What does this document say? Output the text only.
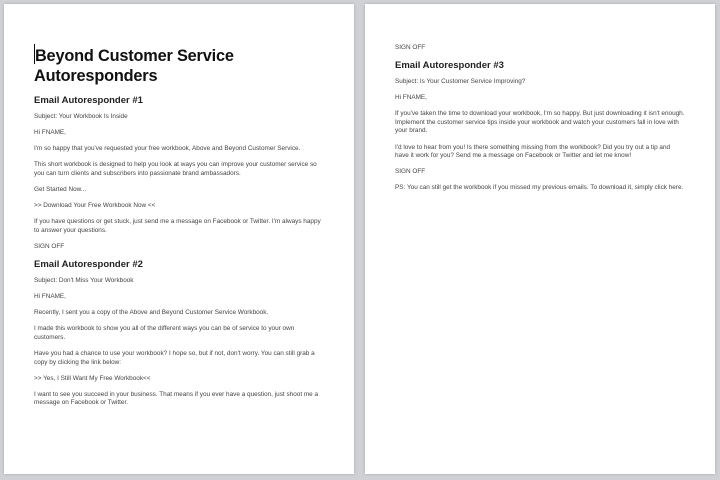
Beyond Customer Service
Autoresponders
Email Autoresponder #1

Subject: Your Workbook Is Inside

Hi FNAME,

I'm so happy that you've requested your free workbook, Above and Beyond Customer Service.

This short workbook is designed to help you look at ways you can improve your customer service so you can turn clients and subscribers into passionate brand ambassadors.

Get Started Now...

>> Download Your Free Workbook Now <<

If you have questions or get stuck, just send me a message on Facebook or Twitter. I'm always happy to answer your questions.

SIGN OFF

Email Autoresponder #2

Subject: Don't Miss Your Workbook

Hi FNAME,

Recently, I sent you a copy of the Above and Beyond Customer Service Workbook.

I made this workbook to show you all of the different ways you can be of service to your own customers.

Have you had a chance to use your workbook? I hope so, but if not, don't worry. You can still grab a copy by clicking the link below:

>> Yes, I Still Want My Free Workbook<<

I want to see you succeed in your business. That means if you ever have a question, just shoot me a message on Facebook or Twitter.

SIGN OFF

Email Autoresponder #3

Subject: Is Your Customer Service Improving?

Hi FNAME,

If you've taken the time to download your workbook, I'm so happy. But just downloading it isn't enough. Implement the customer service tips inside your workbook and watch your customers fall in love with your brand.

I'd love to hear from you! Is there something missing from the workbook? Did you try out a tip and have it work for you? Send me a message on Facebook or Twitter and let me know!

SIGN OFF

PS: You can still get the workbook if you missed my previous emails. To download it, simply click here.
